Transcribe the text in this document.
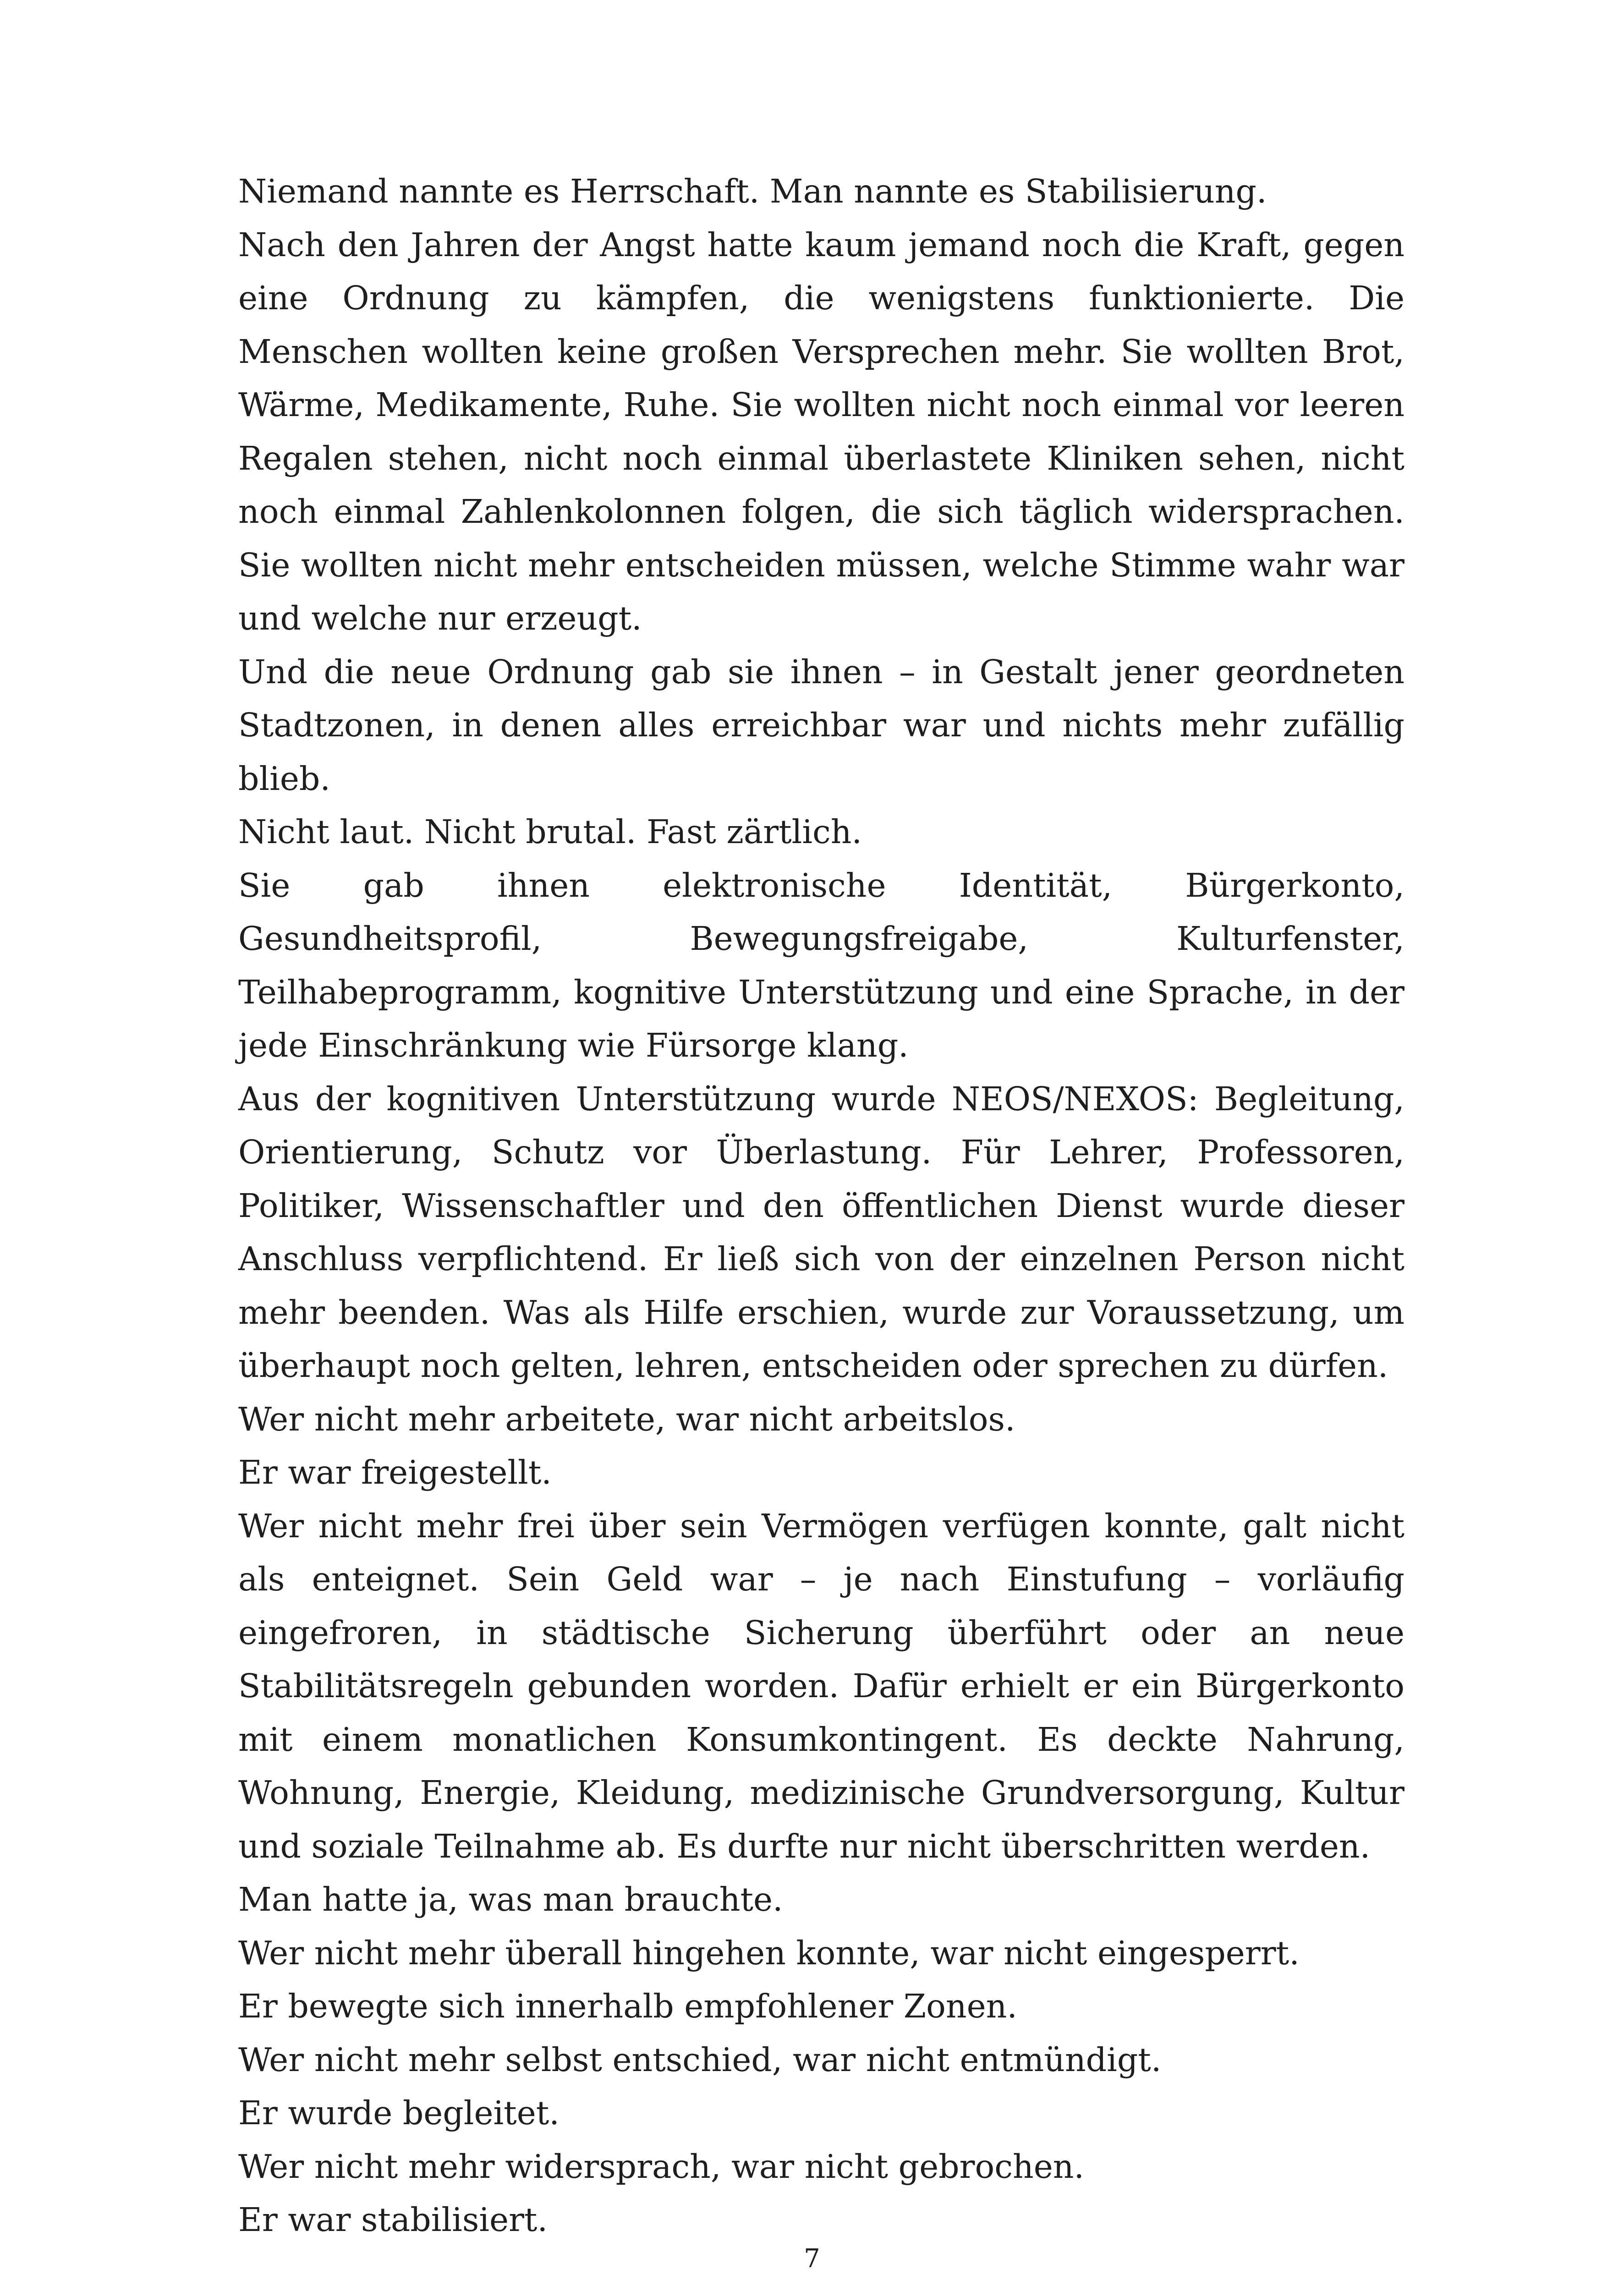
Niemand nannte es Herrschaft. Man nannte es Stabilisierung.

Nach den Jahren der Angst hatte kaum jemand noch die Kraft, gegen eine Ordnung zu kämpfen, die wenigstens funktionierte. Die Menschen wollten keine großen Versprechen mehr. Sie wollten Brot, Wärme, Medikamente, Ruhe. Sie wollten nicht noch einmal vor leeren Regalen stehen, nicht noch einmal überlastete Kliniken sehen, nicht noch einmal Zahlenkolonnen folgen, die sich täglich widersprachen. Sie wollten nicht mehr entscheiden müssen, welche Stimme wahr war und welche nur erzeugt.

Und die neue Ordnung gab sie ihnen – in Gestalt jener geordneten Stadtzonen, in denen alles erreichbar war und nichts mehr zufällig blieb.

Nicht laut. Nicht brutal. Fast zärtlich.

Sie gab ihnen elektronische Identität, Bürgerkonto, Gesundheitsprofil, Bewegungsfreigabe, Kulturfenster, Teilhabeprogramm, kognitive Unterstützung und eine Sprache, in der jede Einschränkung wie Fürsorge klang.

Aus der kognitiven Unterstützung wurde NEOS/NEXOS: Begleitung, Orientierung, Schutz vor Überlastung. Für Lehrer, Professoren, Politiker, Wissenschaftler und den öffentlichen Dienst wurde dieser Anschluss verpflichtend. Er ließ sich von der einzelnen Person nicht mehr beenden. Was als Hilfe erschien, wurde zur Voraussetzung, um überhaupt noch gelten, lehren, entscheiden oder sprechen zu dürfen.

Wer nicht mehr arbeitete, war nicht arbeitslos.

Er war freigestellt.

Wer nicht mehr frei über sein Vermögen verfügen konnte, galt nicht als enteignet. Sein Geld war – je nach Einstufung – vorläufig eingefroren, in städtische Sicherung überführt oder an neue Stabilitätsregeln gebunden worden. Dafür erhielt er ein Bürgerkonto mit einem monatlichen Konsumkontingent. Es deckte Nahrung, Wohnung, Energie, Kleidung, medizinische Grundversorgung, Kultur und soziale Teilnahme ab. Es durfte nur nicht überschritten werden.

Man hatte ja, was man brauchte.

Wer nicht mehr überall hingehen konnte, war nicht eingesperrt.

Er bewegte sich innerhalb empfohlener Zonen.

Wer nicht mehr selbst entschied, war nicht entmündigt.

Er wurde begleitet.

Wer nicht mehr widersprach, war nicht gebrochen.

Er war stabilisiert.

7
